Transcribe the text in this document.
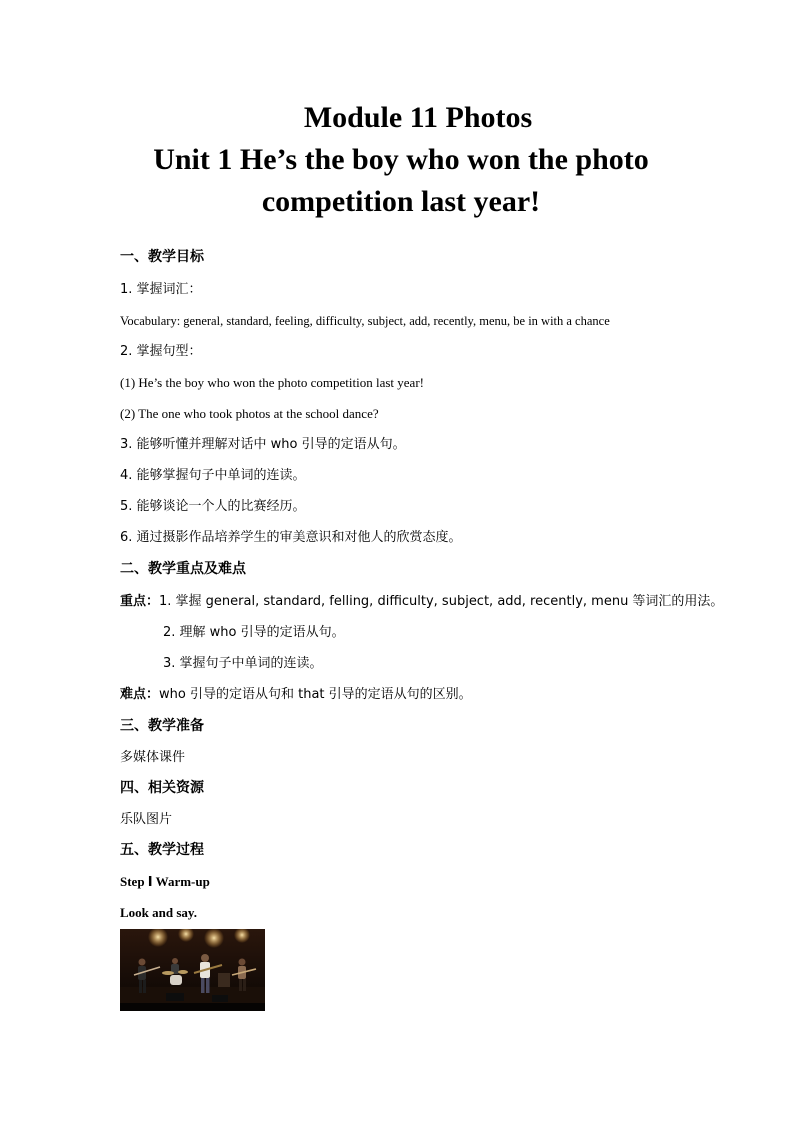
Module 11 Photos
Unit 1 He’s the boy who won the photo
competition last year!
一、教学目标
1. 掌握词汇：
Vocabulary: general, standard, feeling, difficulty, subject, add, recently, menu, be in with a chance
2. 掌握句型：
(1) He’s the boy who won the photo competition last year!
(2) The one who took photos at the school dance?
3. 能够听懂并理解对话中 who 引导的定语从句。
4. 能够掌握句子中单词的连读。
5. 能够谈论一个人的比赛经历。
6. 通过摄影作品培养学生的审美意识和对他人的欣赏态度。
二、教学重点及难点
重点：1. 掌握 general, standard, felling, difficulty, subject, add, recently, menu 等词汇的用法。
2. 理解 who 引导的定语从句。
3. 掌握句子中单词的连读。
难点：who 引导的定语从句和 that 引导的定语从句的区别。
三、教学准备
多媒体课件
四、相关资源
乐队图片
五、教学过程
Step Ⅰ Warm-up
Look and say.
